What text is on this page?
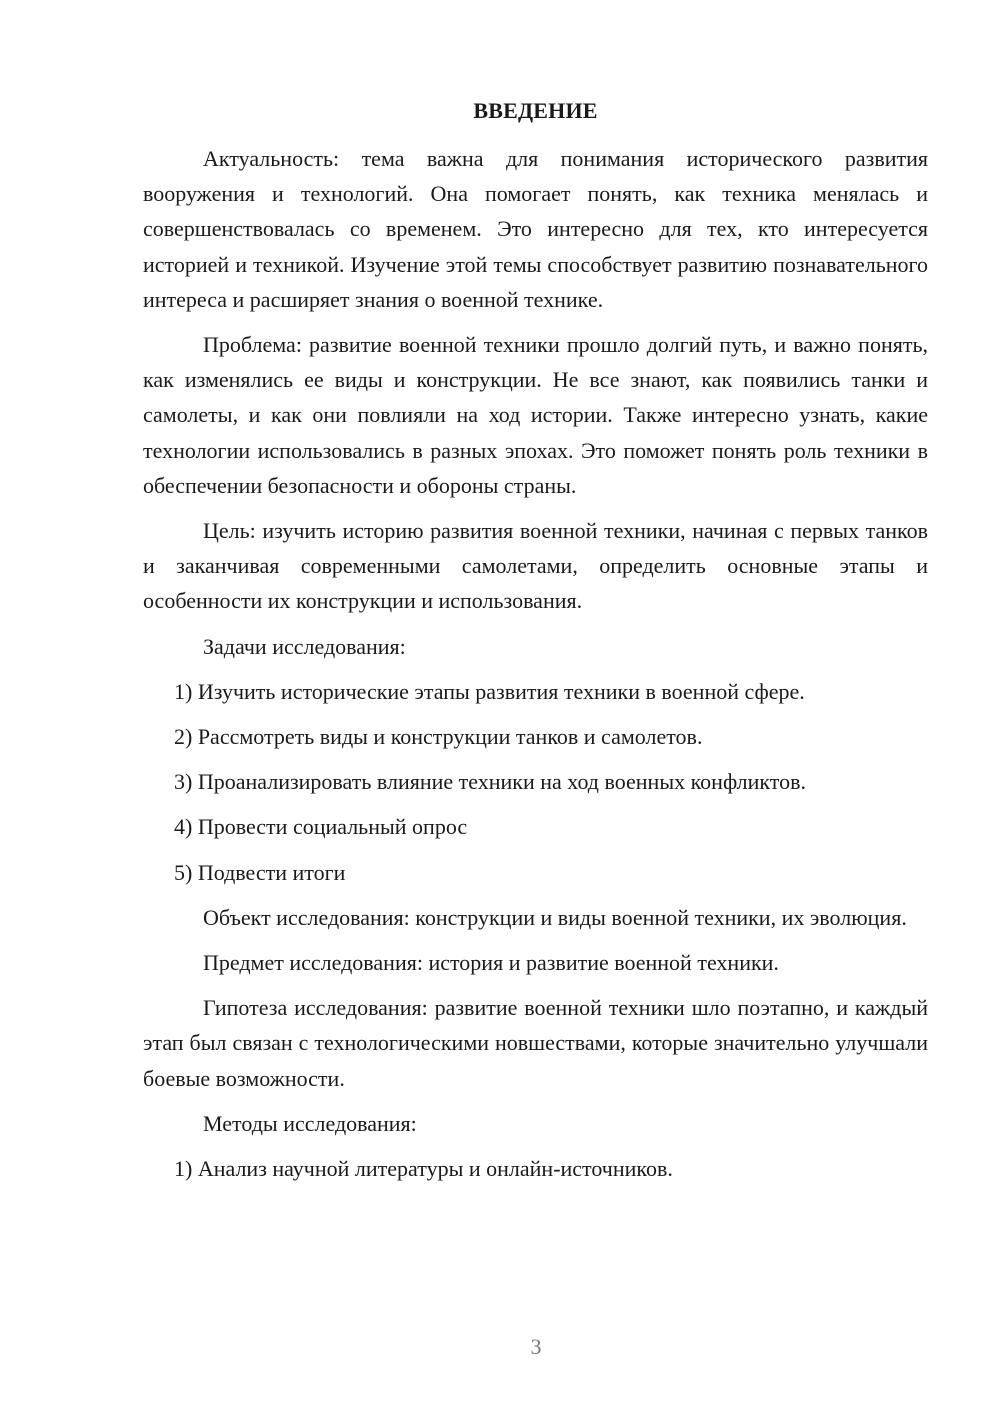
ВВЕДЕНИЕ

Актуальность: тема важна для понимания исторического развития вооружения и технологий. Она помогает понять, как техника менялась и совершенствовалась со временем. Это интересно для тех, кто интересуется историей и техникой. Изучение этой темы способствует развитию познавательного интереса и расширяет знания о военной технике.

Проблема: развитие военной техники прошло долгий путь, и важно понять, как изменялись ее виды и конструкции. Не все знают, как появились танки и самолеты, и как они повлияли на ход истории. Также интересно узнать, какие технологии использовались в разных эпохах. Это поможет понять роль техники в обеспечении безопасности и обороны страны.

Цель: изучить историю развития военной техники, начиная с первых танков и заканчивая современными самолетами, определить основные этапы и особенности их конструкции и использования.

Задачи исследования:

1) Изучить исторические этапы развития техники в военной сфере.
2) Рассмотреть виды и конструкции танков и самолетов.
3) Проанализировать влияние техники на ход военных конфликтов.
4) Провести социальный опрос
5) Подвести итоги

Объект исследования: конструкции и виды военной техники, их эволюция.

Предмет исследования: история и развитие военной техники.

Гипотеза исследования: развитие военной техники шло поэтапно, и каждый этап был связан с технологическими новшествами, которые значительно улучшали боевые возможности.

Методы исследования:

1) Анализ научной литературы и онлайн-источников.
3
